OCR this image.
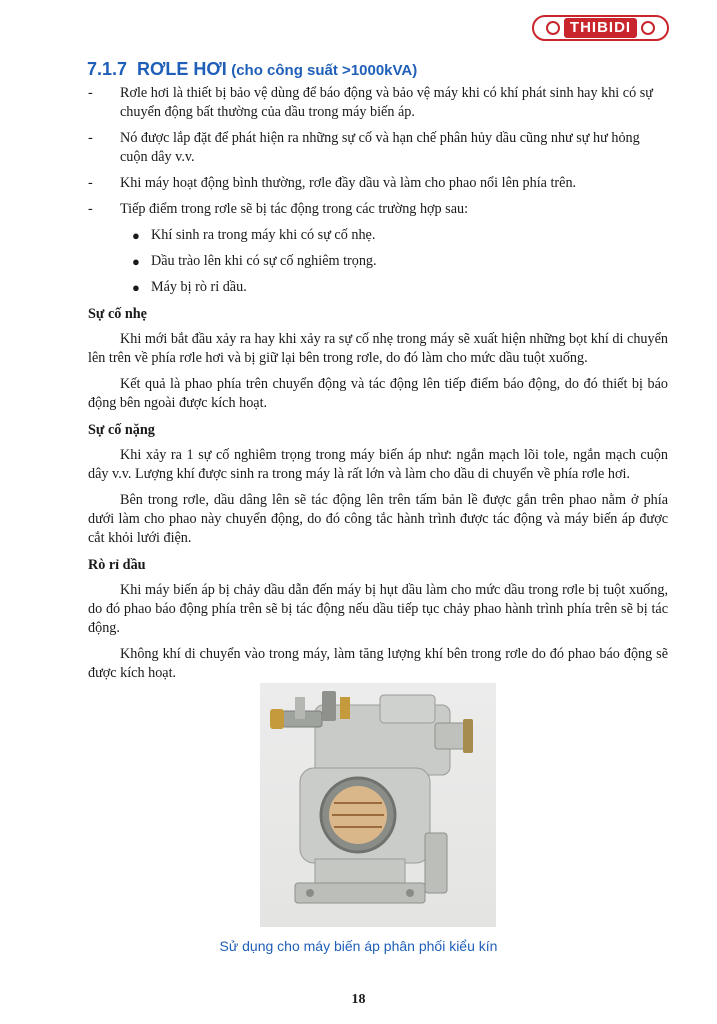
THIBIDI
7.1.7 RƠLE HƠI (cho công suất >1000kVA)
- Rơle hơi là thiết bị bảo vệ dùng để báo động và bảo vệ máy khi có khí phát sinh hay khi có sự chuyển động bất thường của dầu trong máy biến áp.
- Nó được lắp đặt để phát hiện ra những sự cố và hạn chế phân hủy dầu cũng như sự hư hỏng cuộn dây v.v.
- Khi máy hoạt động bình thường, rơle đầy dầu và làm cho phao nổi lên phía trên.
- Tiếp điểm trong rơle sẽ bị tác động trong các trường hợp sau:
● Khí sinh ra trong máy khi có sự cố nhẹ.
● Dầu trào lên khi có sự cố nghiêm trọng.
● Máy bị rò rỉ dầu.
Sự cố nhẹ

Khi mới bắt đầu xảy ra hay khi xảy ra sự cố nhẹ trong máy sẽ xuất hiện những bọt khí di chuyển lên trên về phía rơle hơi và bị giữ lại bên trong rơle, do đó làm cho mức dầu tuột xuống.

Kết quả là phao phía trên chuyển động và tác động lên tiếp điểm báo động, do đó thiết bị báo động bên ngoài được kích hoạt.

Sự cố nặng

Khi xảy ra 1 sự cố nghiêm trọng trong máy biến áp như: ngắn mạch lõi tole, ngắn mạch cuộn dây v.v. Lượng khí được sinh ra trong máy là rất lớn và làm cho dầu di chuyển về phía rơle hơi.

Bên trong rơle, dầu dâng lên sẽ tác động lên trên tấm bản lề được gắn trên phao nằm ở phía dưới làm cho phao này chuyển động, do đó công tắc hành trình được tác động và máy biến áp được cắt khỏi lưới điện.

Rò rỉ dầu

Khi máy biến áp bị chảy dầu dẫn đến máy bị hụt dầu làm cho mức dầu trong rơle bị tuột xuống, do đó phao báo động phía trên sẽ bị tác động nếu dầu tiếp tục chảy phao hành trình phía trên sẽ bị tác động.

Không khí di chuyển vào trong máy, làm tăng lượng khí bên trong rơle do đó phao báo động sẽ được kích hoạt.

Sử dụng cho máy biến áp phân phối kiểu kín
18
